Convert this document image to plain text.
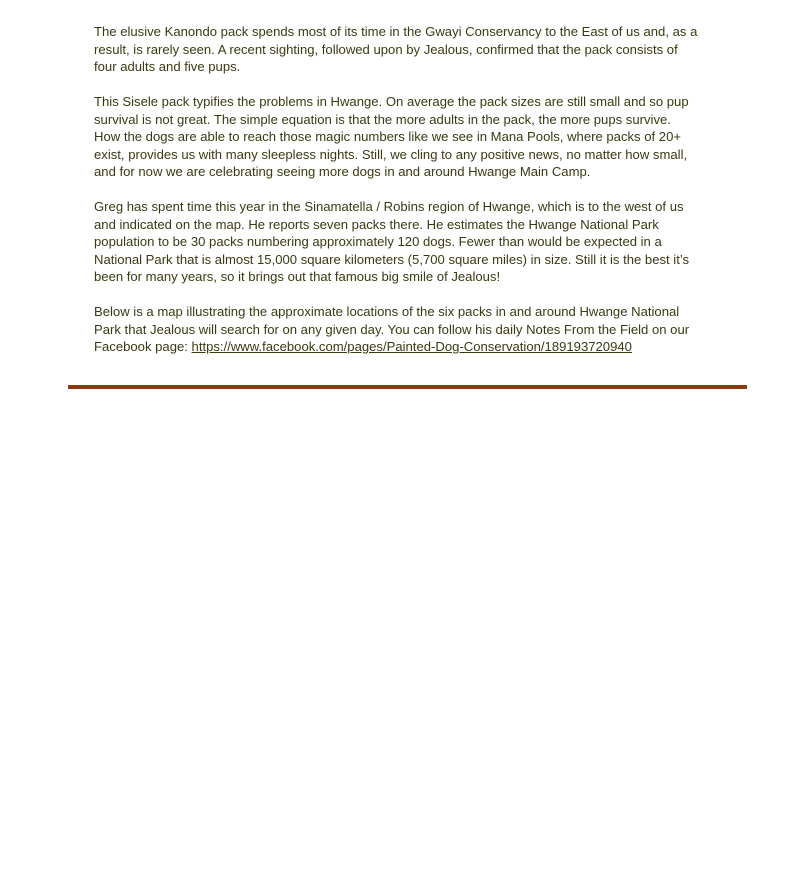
The elusive Kanondo pack spends most of its time in the Gwayi Conservancy to the East of us and, as a result, is rarely seen. A recent sighting, followed upon by Jealous, confirmed that the pack consists of four adults and five pups.

This Sisele pack typifies the problems in Hwange. On average the pack sizes are still small and so pup survival is not great. The simple equation is that the more adults in the pack, the more pups survive. How the dogs are able to reach those magic numbers like we see in Mana Pools, where packs of 20+ exist, provides us with many sleepless nights. Still, we cling to any positive news, no matter how small, and for now we are celebrating seeing more dogs in and around Hwange Main Camp.

Greg has spent time this year in the Sinamatella / Robins region of Hwange, which is to the west of us and indicated on the map. He reports seven packs there. He estimates the Hwange National Park population to be 30 packs numbering approximately 120 dogs. Fewer than would be expected in a National Park that is almost 15,000 square kilometers (5,700 square miles) in size. Still it is the best it’s been for many years, so it brings out that famous big smile of Jealous!

Below is a map illustrating the approximate locations of the six packs in and around Hwange National Park that Jealous will search for on any given day. You can follow his daily Notes From the Field on our Facebook page: https://www.facebook.com/pages/Painted-Dog-Conservation/189193720940
